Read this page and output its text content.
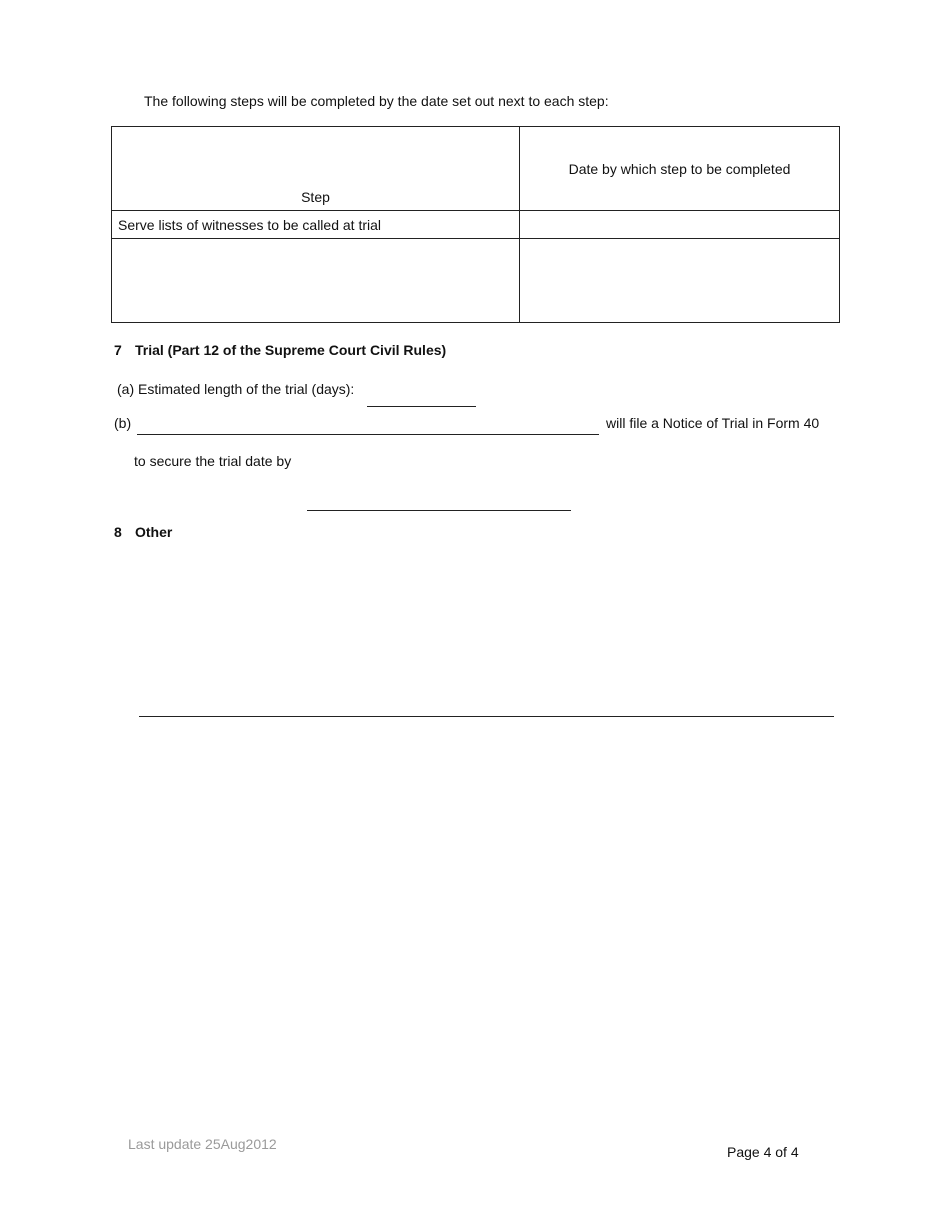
The following steps will be completed by the date set out next to each step:
Step	Date by which step to be completed
Serve lists of witnesses to be called at trial	

7 Trial (Part 12 of the Supreme Court Civil Rules)
(a) Estimated length of the trial (days):
(b)	will file a Notice of Trial in Form 40
to secure the trial date by
8 Other
Last update 25Aug2012	Page 4 of 4
